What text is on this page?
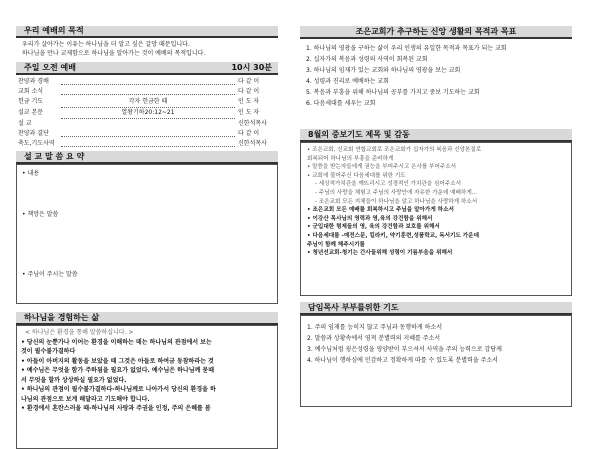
우리 예배의 목적
우리가 살아가는 이유는 하나님을 더 알고 싶은 갈망 때문입니다.
하나님을 만나 교제함으로 하나님을 알아가는 것이 예배의 목적입니다.
주일 오전 예배	10시 30분
찬양과 경배	다 같 이
교회 소식	다 같 이
헌금 기도	각자 헌금한 때	인 도 자
설교 본문	열왕기하20:12~21	인 도 자
설 교	신한석목사
찬양과 결단	다 같 이
축도,기도사역	신한석목사
설 교 말 씀 요 약
• 내용
• 책망은 말씀
• 주님이 주시는 말씀
하나님을 경험하는 삶
< 하나님은 환경을 통해 말씀하십니다. >
• 당신의 눈뿐가나 이어는 환경을 이해하는 데는 하나님의 관점에서 보는
것이 필수불가결하다
• 아들이 아버지의 활동을 보았을 때 그것은 아들로 하여금 동참하라는 것
• 예수님은 무엇을 함가 주하됨을 필요가 없었다. 예수님은 하나님께 묻때
서 무엇을 할까 상상하실 필요가 없었다.
• 하나님의 관점이 필수불가결하다-하나님께로 나아가서 당신의 환경을 하
나님의 관점으로 보게 해달라고 기도해야 합니다.
• 환경에서 혼란스러울 때-하나님의 사랑과 주권을 인정, 주의 은혜를 봄
조은교회가 추구하는 신앙 생활의 목적과 목표
1. 하나님의 영광을 구하는 삶이 우리 인생의 유일한 목적과 목표가 되는 교회
2. 십자가의 복음과 성령의 사역이 회복된 교회
3. 하나님의 임재가 있는 교회와 하나님의 영광을 보는 교회
4. 성령과 진리로 예배하는 교회
5. 복음과 부흥을 위해 하나님의 공부를 가지고 중보 기도하는 교회
6. 다음세대를 세우는 교회
8월의 중보기도 제목 및 감동
• 조은교회, 신교회 연합교회로 조은교회가 십자가의 복음과 신앙본질로
회복되어 하나님의 부흥을 준비하게
• 말씀을 받는자들에게 권능을 부어주시고 은사를 부어주소서
• 교회에 불어주신 다음세대를 위한 기도
- 세상적가치관을 깨뜨리시고 성경적인 가치관을 심어주소서
- 주님의 사랑을 체험고 주님의 사랑안에 자유한 가운데 예배하게...
- 조은교회 모든 지체들이 하나님을 알고 하나님을 사랑하게 하소서
• 조은교회 모든 예배를 회복하시고 주님을 알아가게 하소서
• 이강산 목사님의 영력과 영,육의 강건함을 위해서
• 군입대한 형제들의 영, 육의 강건함과 보호를 위해서
• 다음세대를 -예전스문, 킬라키, 약기훈련,성품학교, 독서기도 가운데
주님이 함께 해주시기를
• 청년선교회-청기는 간사들위해 성령이 기름부음을 위해서
담임목사 부부를위한 기도
1. 주의 임재를 능히지 않고 주님과 동행하게 하소서
2. 말씀과 상황속에서 영적 분별력의 지혜를 주소서
3. 예수님처럼 굉은성령을 영양받이 부으셔서 사역을 주의 능력으로 감당케
4. 하나님이 행하심에 민감하고 정확하게 따를 수 있도록 분별력을 주소서
